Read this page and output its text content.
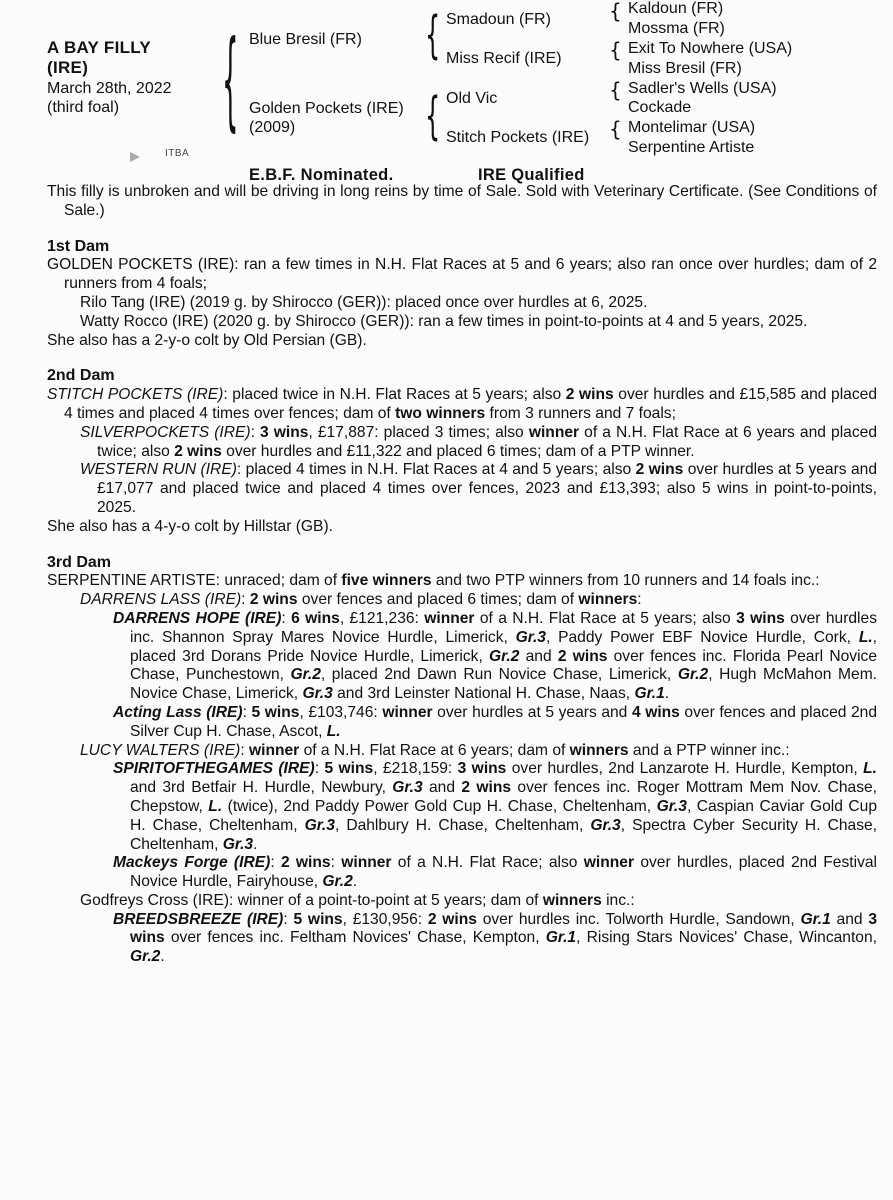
A BAY FILLY
(IRE)
March 28th, 2022
(third foal)	{ Blue Bresil (FR)
Golden Pockets (IRE)
(2009)
{
{
Smadoun (FR)
Miss Recif (IRE)
Old Vic
Stitch Pockets (IRE)
{
{
{
{
Kaldoun (FR)
Mossma (FR)
Exit To Nowhere (USA)
Miss Bresil (FR)
Sadler's Wells (USA)
Cockade
Montelimar (USA)
Serpentine Artiste
ITBA
E.B.F. Nominated.	IRE Qualified

This filly is unbroken and will be driving in long reins by time of Sale. Sold with Veterinary Certificate. (See Conditions of Sale.)

1st Dam

GOLDEN POCKETS (IRE): ran a few times in N.H. Flat Races at 5 and 6 years; also ran once over hurdles; dam of 2 runners from 4 foals;

Rilo Tang (IRE) (2019 g. by Shirocco (GER)): placed once over hurdles at 6, 2025.

Watty Rocco (IRE) (2020 g. by Shirocco (GER)): ran a few times in point-to-points at 4 and 5 years, 2025.

She also has a 2-y-o colt by Old Persian (GB).

2nd Dam

STITCH POCKETS (IRE): placed twice in N.H. Flat Races at 5 years; also 2 wins over hurdles and £15,585 and placed 4 times and placed 4 times over fences; dam of two winners from 3 runners and 7 foals;

SILVERPOCKETS (IRE): 3 wins, £17,887: placed 3 times; also winner of a N.H. Flat Race at 6 years and placed twice; also 2 wins over hurdles and £11,322 and placed 6 times; dam of a PTP winner.

WESTERN RUN (IRE): placed 4 times in N.H. Flat Races at 4 and 5 years; also 2 wins over hurdles at 5 years and £17,077 and placed twice and placed 4 times over fences, 2023 and £13,393; also 5 wins in point-to-points, 2025.

She also has a 4-y-o colt by Hillstar (GB).

3rd Dam

SERPENTINE ARTISTE: unraced; dam of five winners and two PTP winners from 10 runners and 14 foals inc.:

DARRENS LASS (IRE): 2 wins over fences and placed 6 times; dam of winners:

DARRENS HOPE (IRE): 6 wins, £121,236: winner of a N.H. Flat Race at 5 years; also 3 wins over hurdles inc. Shannon Spray Mares Novice Hurdle, Limerick, Gr.3, Paddy Power EBF Novice Hurdle, Cork, L., placed 3rd Dorans Pride Novice Hurdle, Limerick, Gr.2 and 2 wins over fences inc. Florida Pearl Novice Chase, Punchestown, Gr.2, placed 2nd Dawn Run Novice Chase, Limerick, Gr.2, Hugh McMahon Mem. Novice Chase, Limerick, Gr.3 and 3rd Leinster National H. Chase, Naas, Gr.1.

Acting Lass (IRE): 5 wins, £103,746: winner over hurdles at 5 years and 4 wins over fences and placed 2nd Silver Cup H. Chase, Ascot, L.

LUCY WALTERS (IRE): winner of a N.H. Flat Race at 6 years; dam of winners and a PTP winner inc.:

SPIRITOFTHEGAMES (IRE): 5 wins, £218,159: 3 wins over hurdles, 2nd Lanzarote H. Hurdle, Kempton, L. and 3rd Betfair H. Hurdle, Newbury, Gr.3 and 2 wins over fences inc. Roger Mottram Mem Nov. Chase, Chepstow, L. (twice), 2nd Paddy Power Gold Cup H. Chase, Cheltenham, Gr.3, Caspian Caviar Gold Cup H. Chase, Cheltenham, Gr.3, Dahlbury H. Chase, Cheltenham, Gr.3, Spectra Cyber Security H. Chase, Cheltenham, Gr.3.

Mackeys Forge (IRE): 2 wins: winner of a N.H. Flat Race; also winner over hurdles, placed 2nd Festival Novice Hurdle, Fairyhouse, Gr.2.

Godfreys Cross (IRE): winner of a point-to-point at 5 years; dam of winners inc.:

BREEDSBREEZE (IRE): 5 wins, £130,956: 2 wins over hurdles inc. Tolworth Hurdle, Sandown, Gr.1 and 3 wins over fences inc. Feltham Novices' Chase, Kempton, Gr.1, Rising Stars Novices' Chase, Wincanton, Gr.2.
